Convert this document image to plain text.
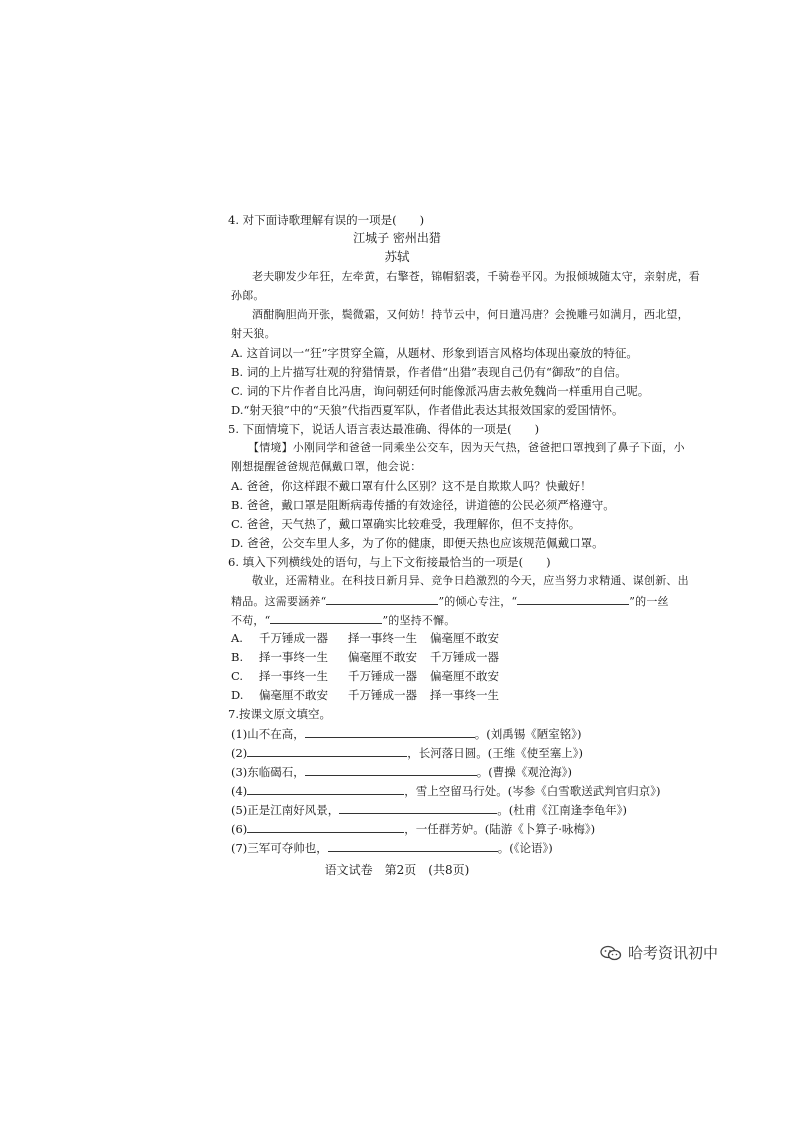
4. 对下面诗歌理解有误的一项是(　　)
江城子 密州出猎
苏轼
老夫聊发少年狂，左牵黄，右擎苍，锦帽貂裘，千骑卷平冈。为报倾城随太守，亲射虎，看
孙郎。
酒酣胸胆尚开张，鬓微霜，又何妨！持节云中，何日遣冯唐？会挽雕弓如满月，西北望，
射天狼。
A. 这首词以一“狂”字贯穿全篇，从题材、形象到语言风格均体现出豪放的特征。
B. 词的上片描写壮观的狩猎情景，作者借“出猎”表现自己仍有“御敌”的自信。
C. 词的下片作者自比冯唐，询问朝廷何时能像派冯唐去赦免魏尚一样重用自己呢。
D.“射天狼”中的“天狼”代指西夏军队，作者借此表达其报效国家的爱国情怀。
5. 下面情境下，说话人语言表达最准确、得体的一项是(　　)
【情境】小刚同学和爸爸一同乘坐公交车，因为天气热，爸爸把口罩拽到了鼻子下面，小
刚想提醒爸爸规范佩戴口罩，他会说：
A. 爸爸，你这样跟不戴口罩有什么区别？这不是自欺欺人吗？快戴好！
B. 爸爸，戴口罩是阻断病毒传播的有效途径，讲道德的公民必须严格遵守。
C. 爸爸，天气热了，戴口罩确实比较难受，我理解你，但不支持你。
D. 爸爸，公交车里人多，为了你的健康，即便天热也应该规范佩戴口罩。
6. 填入下列横线处的语句，与上下文衔接最恰当的一项是(　　)
敬业，还需精业。在科技日新月异、竞争日趋激烈的今天，应当努力求精通、谋创新、出
精品。这需要涵养“	”的倾心专注，“	”的一丝
不苟，“	”的坚持不懈。
A. 千万锤成一器 择一事终一生 偏毫厘不敢安
B. 择一事终一生 偏毫厘不敢安 千万锤成一器
C. 择一事终一生 千万锤成一器 偏毫厘不敢安
D. 偏毫厘不敢安 千万锤成一器 择一事终一生
7.按课文原文填空。
(1)山不在高，	。(刘禹锡《陋室铭》)
(2)	，长河落日圆。(王维《使至塞上》)
(3)东临碣石，	。(曹操《观沧海》)
(4)	，雪上空留马行处。(岑参《白雪歌送武判官归京》)
(5)正是江南好风景，	。(杜甫《江南逢李龟年》)
(6)	，一任群芳妒。(陆游《卜算子·咏梅》)
(7)三军可夺帅也，	。(《论语》)
语文试卷　第2页　(共8页)
哈考资讯初中
